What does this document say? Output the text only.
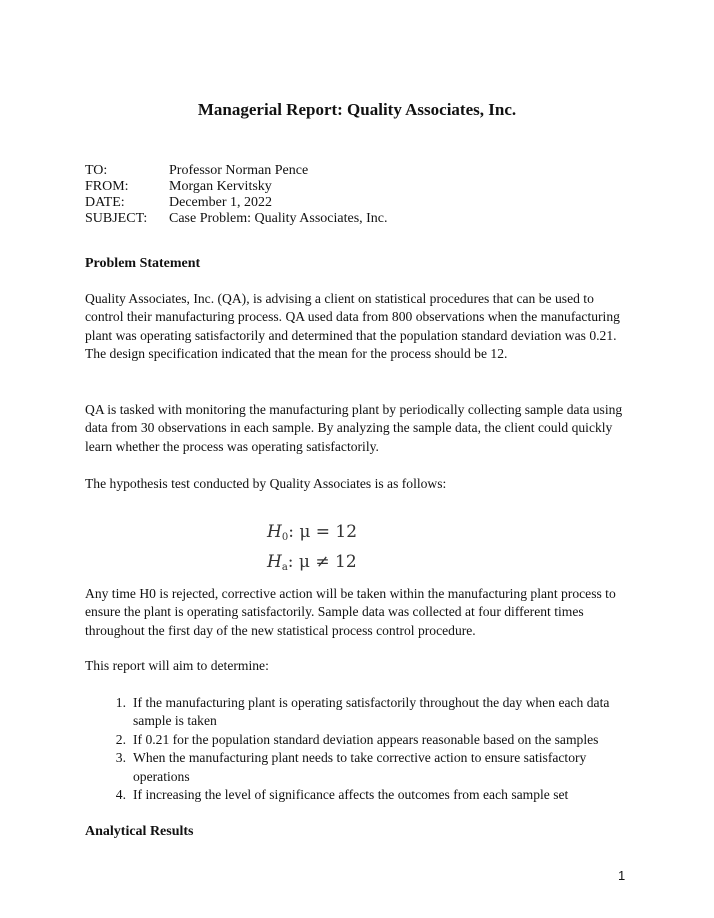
Managerial Report: Quality Associates, Inc.
TO:	Professor Norman Pence
FROM:	Morgan Kervitsky
DATE:	December 1, 2022
SUBJECT:	Case Problem: Quality Associates, Inc.
Problem Statement
Quality Associates, Inc. (QA), is advising a client on statistical procedures that can be used to control their manufacturing process. QA used data from 800 observations when the manufacturing plant was operating satisfactorily and determined that the population standard deviation was 0.21. The design specification indicated that the mean for the process should be 12.
QA is tasked with monitoring the manufacturing plant by periodically collecting sample data using data from 30 observations in each sample. By analyzing the sample data, the client could quickly learn whether the process was operating satisfactorily.
The hypothesis test conducted by Quality Associates is as follows:
$H_0$: μ = 12
$H_a$: μ ≠ 12
Any time H0 is rejected, corrective action will be taken within the manufacturing plant process to ensure the plant is operating satisfactorily. Sample data was collected at four different times throughout the first day of the new statistical process control procedure.
This report will aim to determine:
1. If the manufacturing plant is operating satisfactorily throughout the day when each data sample is taken
2. If 0.21 for the population standard deviation appears reasonable based on the samples
3. When the manufacturing plant needs to take corrective action to ensure satisfactory operations
4. If increasing the level of significance affects the outcomes from each sample set
Analytical Results
1
